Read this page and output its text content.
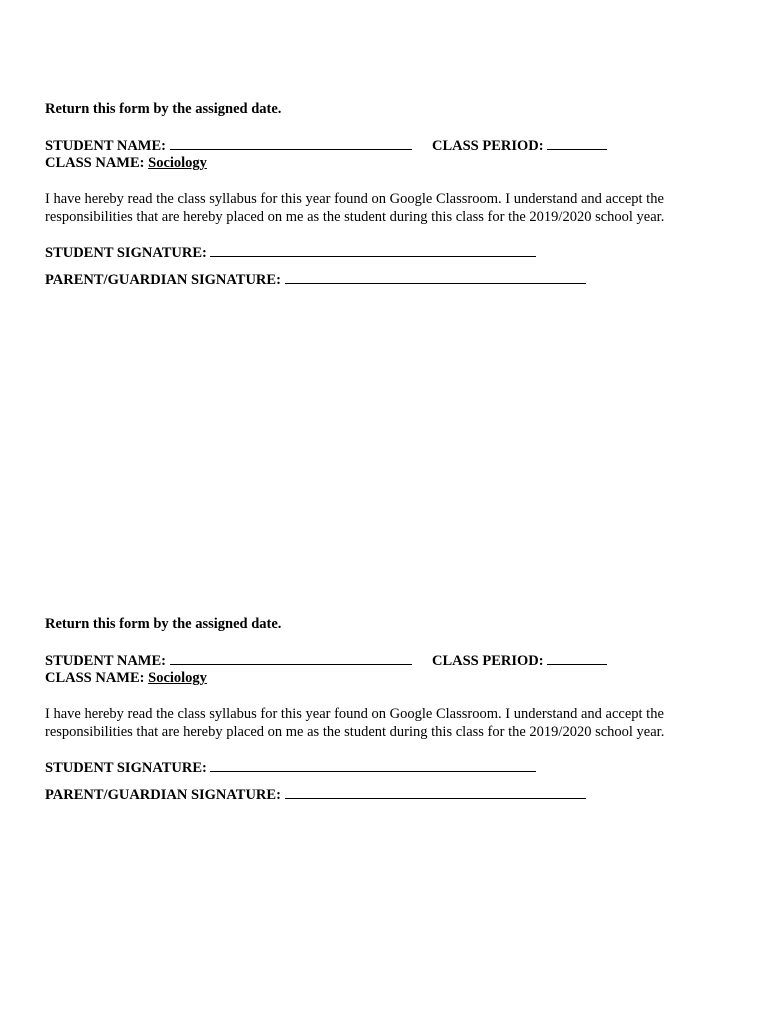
Return this form by the assigned date.

STUDENT NAME:	CLASS PERIOD:
CLASS NAME: Sociology

I have hereby read the class syllabus for this year found on Google Classroom. I understand and accept the responsibilities that are hereby placed on me as the student during this class for the 2019/2020 school year.

STUDENT SIGNATURE:
PARENT/GUARDIAN SIGNATURE:

Return this form by the assigned date.

STUDENT NAME:	CLASS PERIOD:
CLASS NAME: Sociology

I have hereby read the class syllabus for this year found on Google Classroom. I understand and accept the responsibilities that are hereby placed on me as the student during this class for the 2019/2020 school year.

STUDENT SIGNATURE:
PARENT/GUARDIAN SIGNATURE:
